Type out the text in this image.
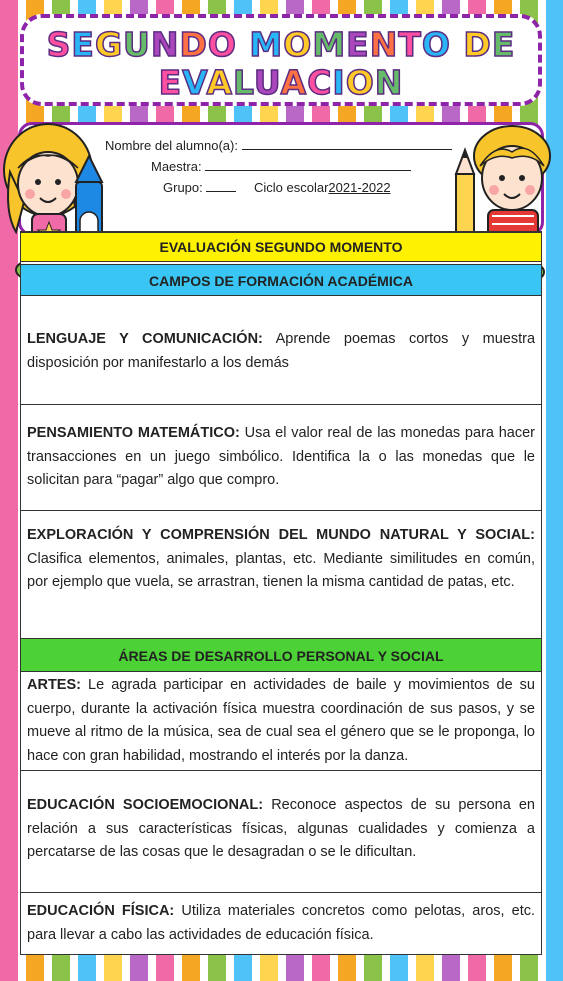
SEGUNDO MOMENTO DE
EVALUACION
Nombre del alumno(a):
Maestra:
Grupo:	Ciclo escolar2021-2022
EVALUACIÓN SEGUNDO MOMENTO
CAMPOS DE FORMACIÓN ACADÉMICA
LENGUAJE Y COMUNICACIÓN: Aprende poemas cortos y muestra disposición por manifestarlo a los demás
PENSAMIENTO MATEMÁTICO: Usa el valor real de las monedas para hacer transacciones en un juego simbólico. Identifica la o las monedas que le solicitan para “pagar” algo que compro.
EXPLORACIÓN Y COMPRENSIÓN DEL MUNDO NATURAL Y SOCIAL: Clasifica elementos, animales, plantas, etc. Mediante similitudes en común, por ejemplo que vuela, se arrastran, tienen la misma cantidad de patas, etc.
ÁREAS DE DESARROLLO PERSONAL Y SOCIAL
ARTES: Le agrada participar en actividades de baile y movimientos de su cuerpo, durante la activación física muestra coordinación de sus pasos, y se mueve al ritmo de la música, sea de cual sea el género que se le proponga, lo hace con gran habilidad, mostrando el interés por la danza.
EDUCACIÓN SOCIOEMOCIONAL: Reconoce aspectos de su persona en relación a sus características físicas, algunas cualidades y comienza a percatarse de las cosas que le desagradan o se le dificultan.
EDUCACIÓN FÍSICA: Utiliza materiales concretos como pelotas, aros, etc. para llevar a cabo las actividades de educación física.
